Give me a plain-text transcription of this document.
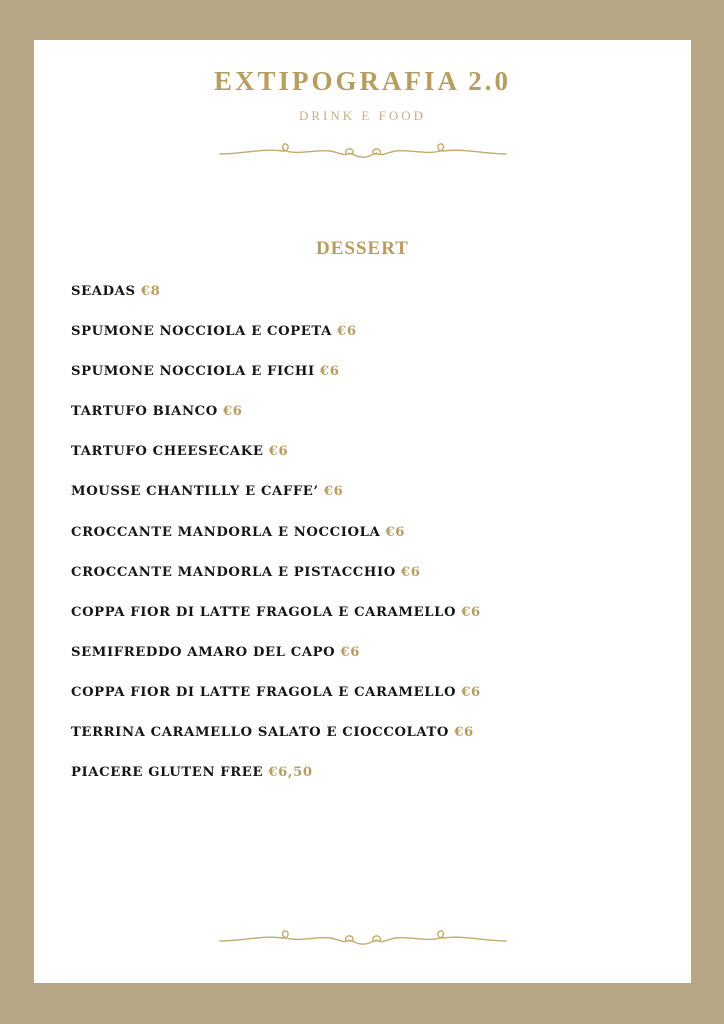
EXTIPOGRAFIA 2.0
DRINK E FOOD
DESSERT
SEADAS €8
SPUMONE NOCCIOLA E COPETA €6
SPUMONE NOCCIOLA E FICHI €6
TARTUFO BIANCO €6
TARTUFO CHEESECAKE €6
MOUSSE CHANTILLY E CAFFE’ €6
CROCCANTE MANDORLA E NOCCIOLA €6
CROCCANTE MANDORLA E PISTACCHIO €6
COPPA FIOR DI LATTE FRAGOLA E CARAMELLO €6
SEMIFREDDO AMARO DEL CAPO €6
COPPA FIOR DI LATTE FRAGOLA E CARAMELLO €6
TERRINA CARAMELLO SALATO E CIOCCOLATO €6
PIACERE GLUTEN FREE €6,50
